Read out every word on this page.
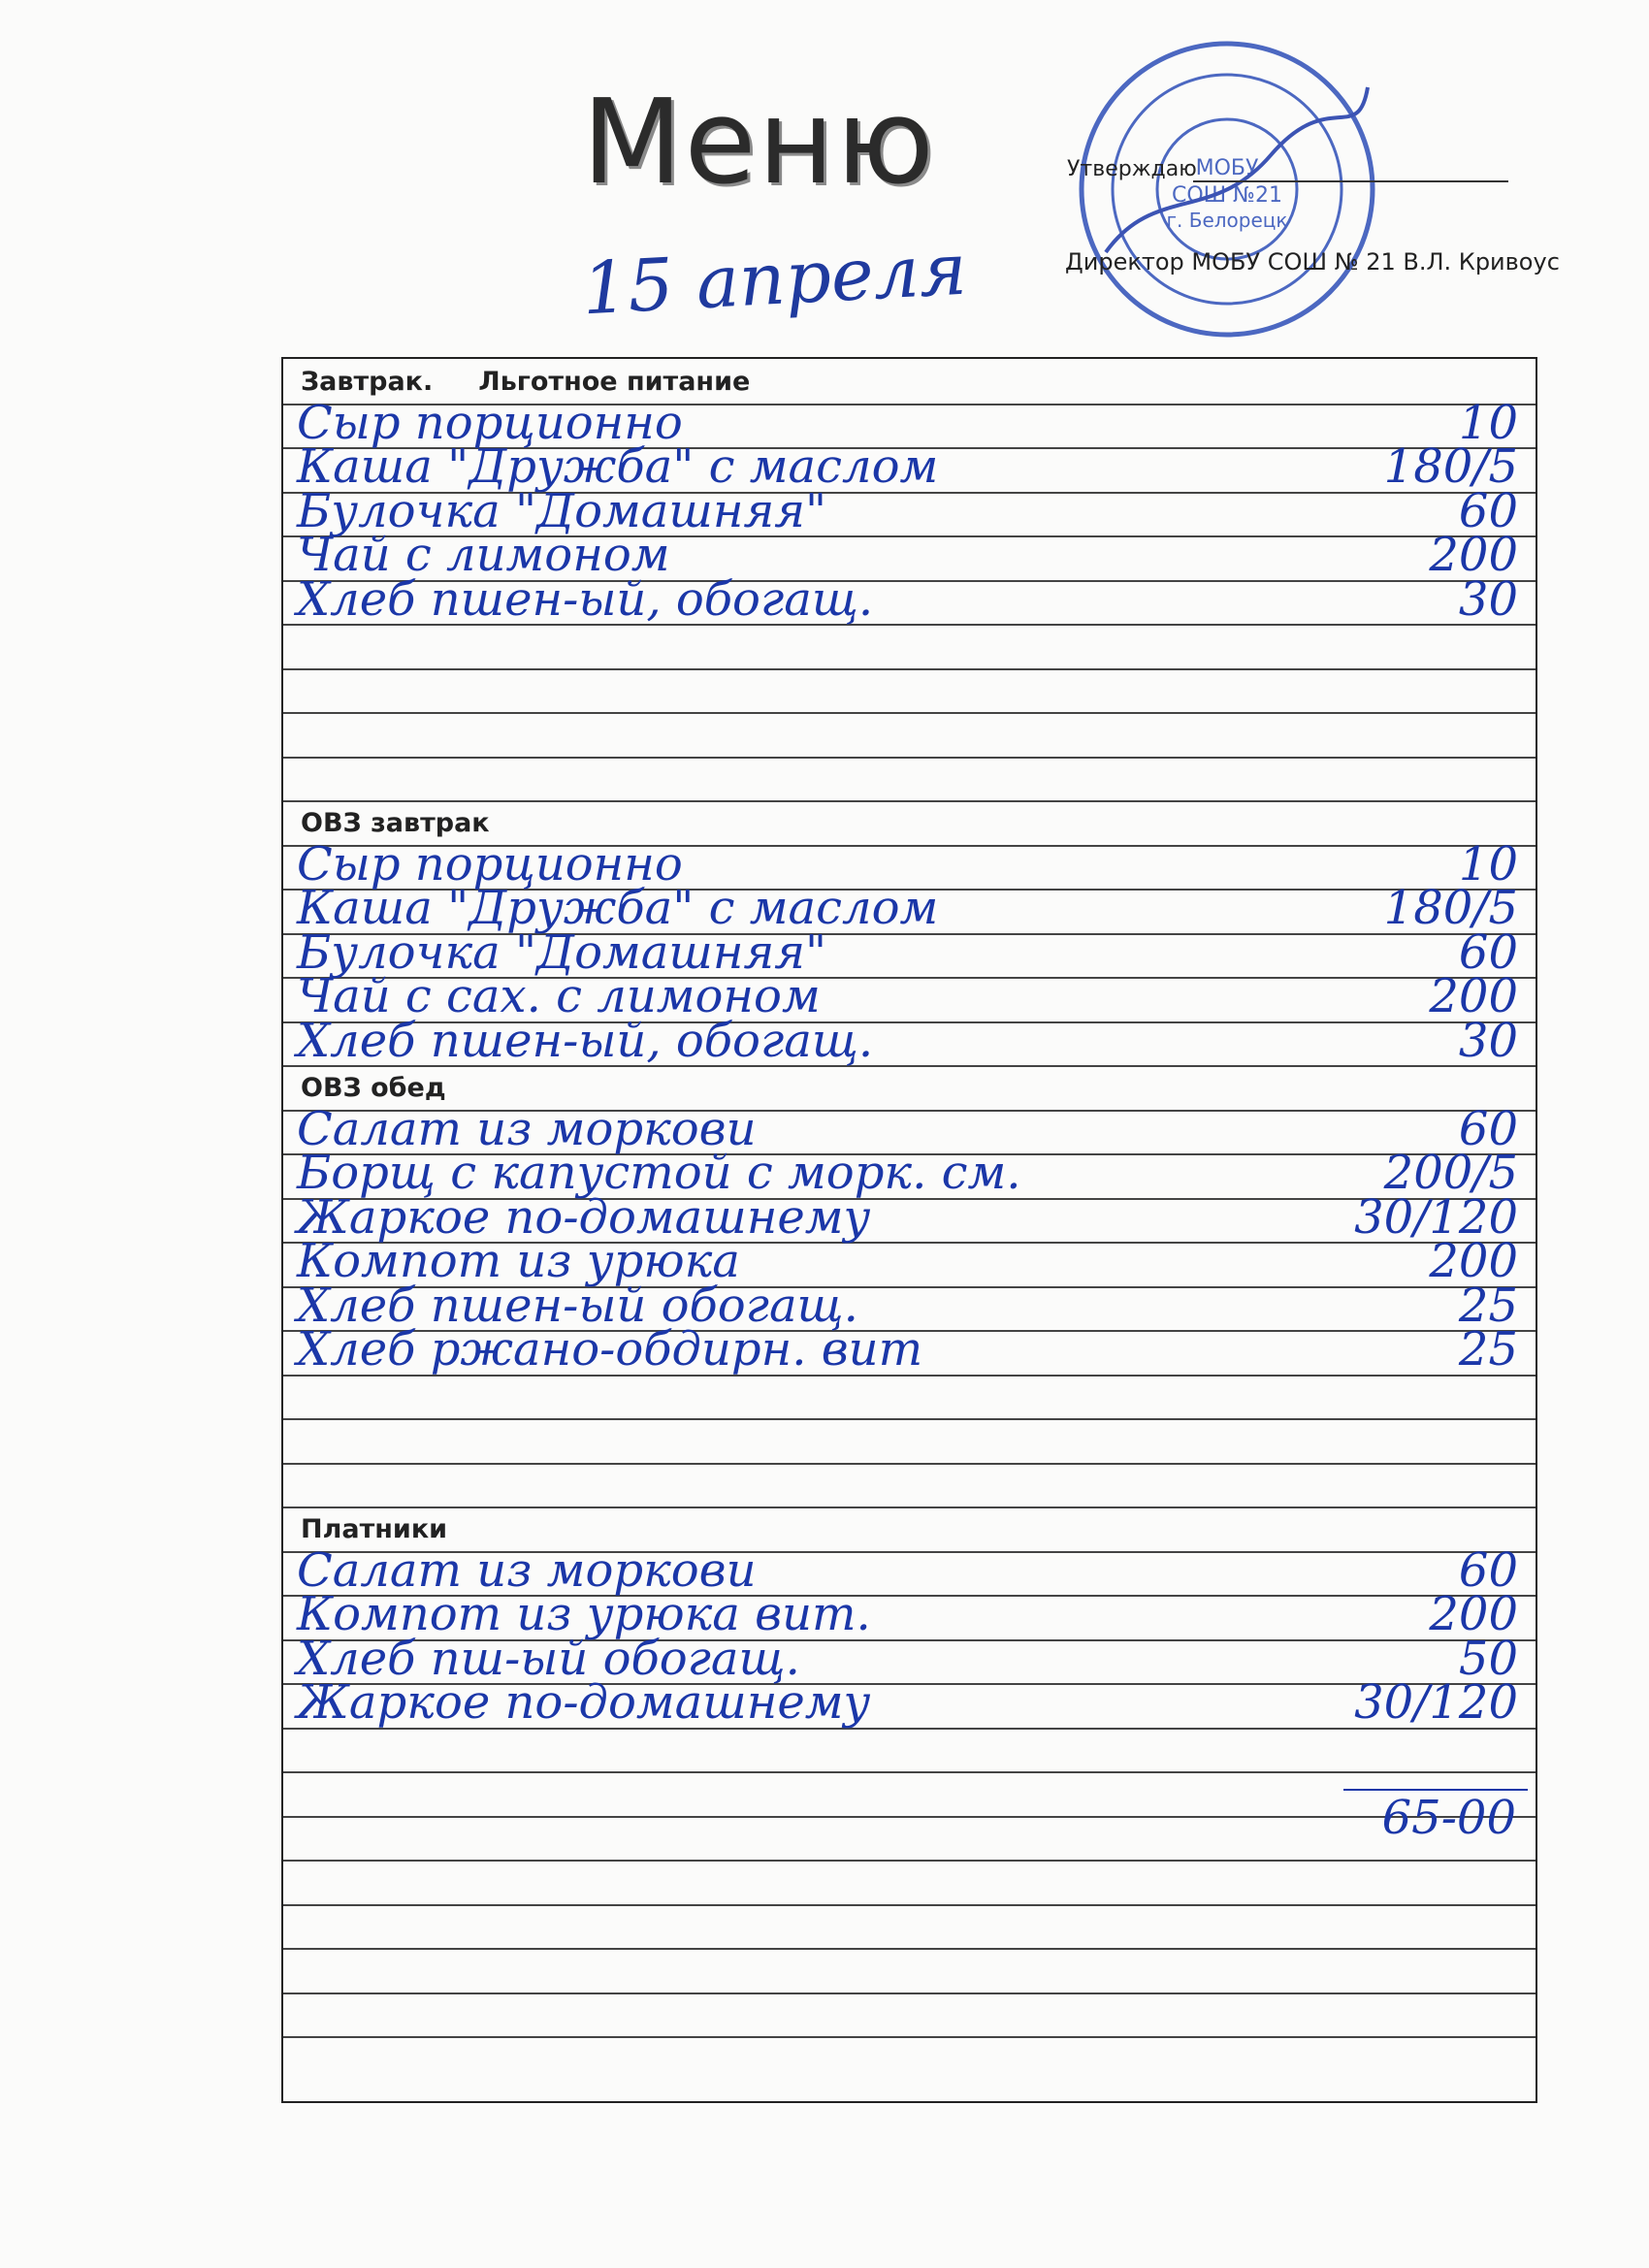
Меню
15 апреля
МОБУ
СОШ №21
г. Белорецк
Утверждаю
Директор МОБУ СОШ № 21 В.Л. Кривоус
Завтрак.     Льготное питание
Сыр порционно	10
Каша "Дружба" с маслом	180/5
Булочка "Домашняя"	60
Чай с лимоном	200
Хлеб пшен-ый, обогащ.	30
ОВЗ завтрак
Сыр порционно	10
Каша "Дружба" с маслом	180/5
Булочка "Домашняя"	60
Чай с сах. с лимоном	200
Хлеб пшен-ый, обогащ.	30
ОВЗ обед
Салат из моркови	60
Борщ с капустой с морк. см.	200/5
Жаркое по-домашнему	30/120
Компот из урюка	200
Хлеб пшен-ый обогащ.	25
Хлеб ржано-обдирн. вит	25
Платники
Салат из моркови	60
Компот из урюка вит.	200
Хлеб пш-ый обогащ.	50
Жаркое по-домашнему	30/120
65-00
